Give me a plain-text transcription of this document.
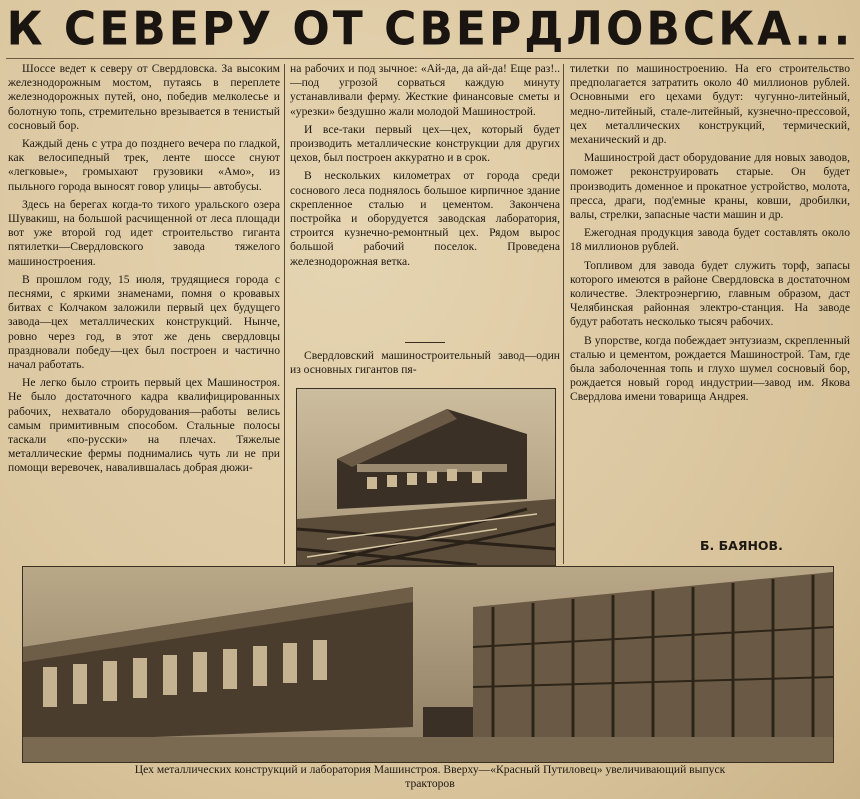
К СЕВЕРУ ОТ СВЕРДЛОВСКА...

Шоссе ведет к северу от Свердловска. За высоким железнодорожным мостом, путаясь в переплете железнодорожных путей, оно, победив мелколесье и болотную топь, стремительно врезывается в тенистый сосновый бор.

Каждый день с утра до позднего вечера по гладкой, как велосипедный трек, ленте шоссе снуют «легковые», громыхают грузовики «Амо», из пыльного города выносят говор улицы— автобусы.

Здесь на берегах когда-то тихого уральского озера Шувакиш, на большой расчищенной от леса площади вот уже второй год идет строительство гиганта пятилетки—Свердловского завода тяжелого машиностроения.

В прошлом году, 15 июля, трудящиеся города с песнями, с яркими знаменами, помня о кровавых битвах с Колчаком заложили первый цех будущего завода—цех металлических конструкций. Нынче, ровно через год, в этот же день свердловцы праздновали победу—цех был построен и частично начал работать.

Не легко было строить первый цех Машиностроя. Не было достаточного кадра квалифицированных рабочих, нехватало оборудования—работы велись самым примитивным способом. Стальные полосы таскали «по-русски» на плечах. Тяжелые металлические фермы поднимались чуть ли не при помощи веревочек, навалившалась добрая дюжи-

на рабочих и под зычное: «Ай-да, да ай-да! Еще раз!..—под угрозой сорваться каждую минуту устанавливали ферму. Жесткие финансовые сметы и «урезки» бездушно жали молодой Машинострой.

И все-таки первый цех—цех, который будет производить металлические конструкции для других цехов, был построен аккуратно и в срок.

В нескольких километрах от города среди соснового леса поднялось большое кирпичное здание скрепленное сталью и цементом. Закончена постройка и оборудуется заводская лаборатория, строится кузнечно-ремонтный цех. Рядом вырос большой рабочий поселок. Проведена железнодорожная ветка.

Свердловский машиностроительный завод—один из основных гигантов пя-

тилетки по машиностроению. На его строительство предполагается затратить около 40 миллионов рублей. Основными его цехами будут: чугунно-литейный, медно-литейный, стале-литейный, кузнечно-прессовой, цех металлических конструкций, термический, механический и др.

Машинострой даст оборудование для новых заводов, поможет реконструировать старые. Он будет производить доменное и прокатное устройство, молота, пресса, драги, под'емные краны, ковши, дробилки, валы, стрелки, запасные части машин и др.

Ежегодная продукция завода будет составлять около 18 миллионов рублей.

Топливом для завода будет служить торф, запасы которого имеются в районе Свердловска в достаточном количестве. Электроэнергию, главным образом, даст Челябинская районная электро-станция. На заводе будут работать несколько тысяч рабочих.

В упорстве, когда побеждает энтузиазм, скрепленный сталью и цементом, рождается Машинострой. Там, где была заболоченная топь и глухо шумел сосновый бор, рождается новый город индустрии—завод им. Якова Свердлова имени товарища Андрея.

Б. БАЯНОВ.
Цех металлических конструкций и лаборатория Машинстроя. Вверху—«Красный Путиловец» увеличивающий выпуск тракторов
